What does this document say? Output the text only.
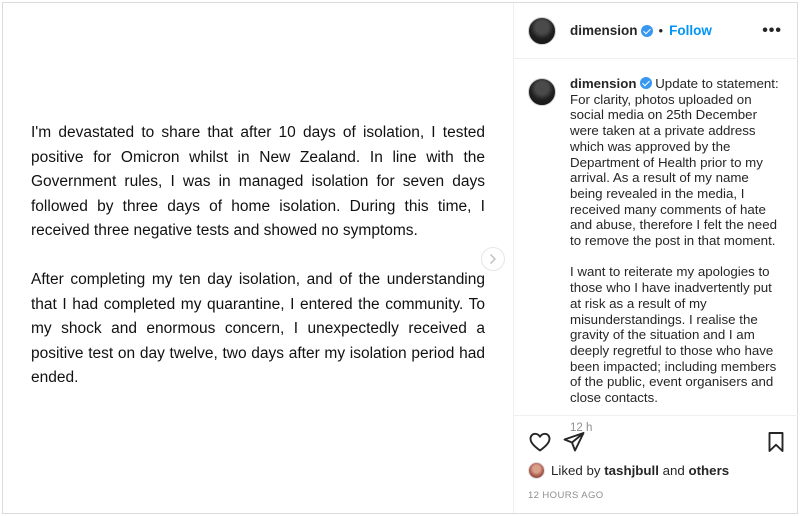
I'm devastated to share that after 10 days of isolation, I tested positive for Omicron whilst in New Zealand. In line with the Government rules, I was in managed isolation for seven days followed by three days of home isolation. During this time, I received three negative tests and showed no symptoms.

After completing my ten day isolation, and of the understanding that I had completed my quarantine, I entered the community. To my shock and enormous concern, I unexpectedly received a positive test on day twelve, two days after my isolation period had ended.

dimension • Follow	•••

dimension Update to statement: For clarity, photos uploaded on social media on 25th December were taken at a private address which was approved by the Department of Health prior to my arrival. As a result of my name being revealed in the media, I received many comments of hate and abuse, therefore I felt the need to remove the post in that moment.

I want to reiterate my apologies to those who I have inadvertently put at risk as a result of my misunderstandings. I realise the gravity of the situation and I am deeply regretful to those who have been impacted; including members of the public, event organisers and close contacts.

12 h
Liked by
tashjbull
and
others
12 HOURS AGO
